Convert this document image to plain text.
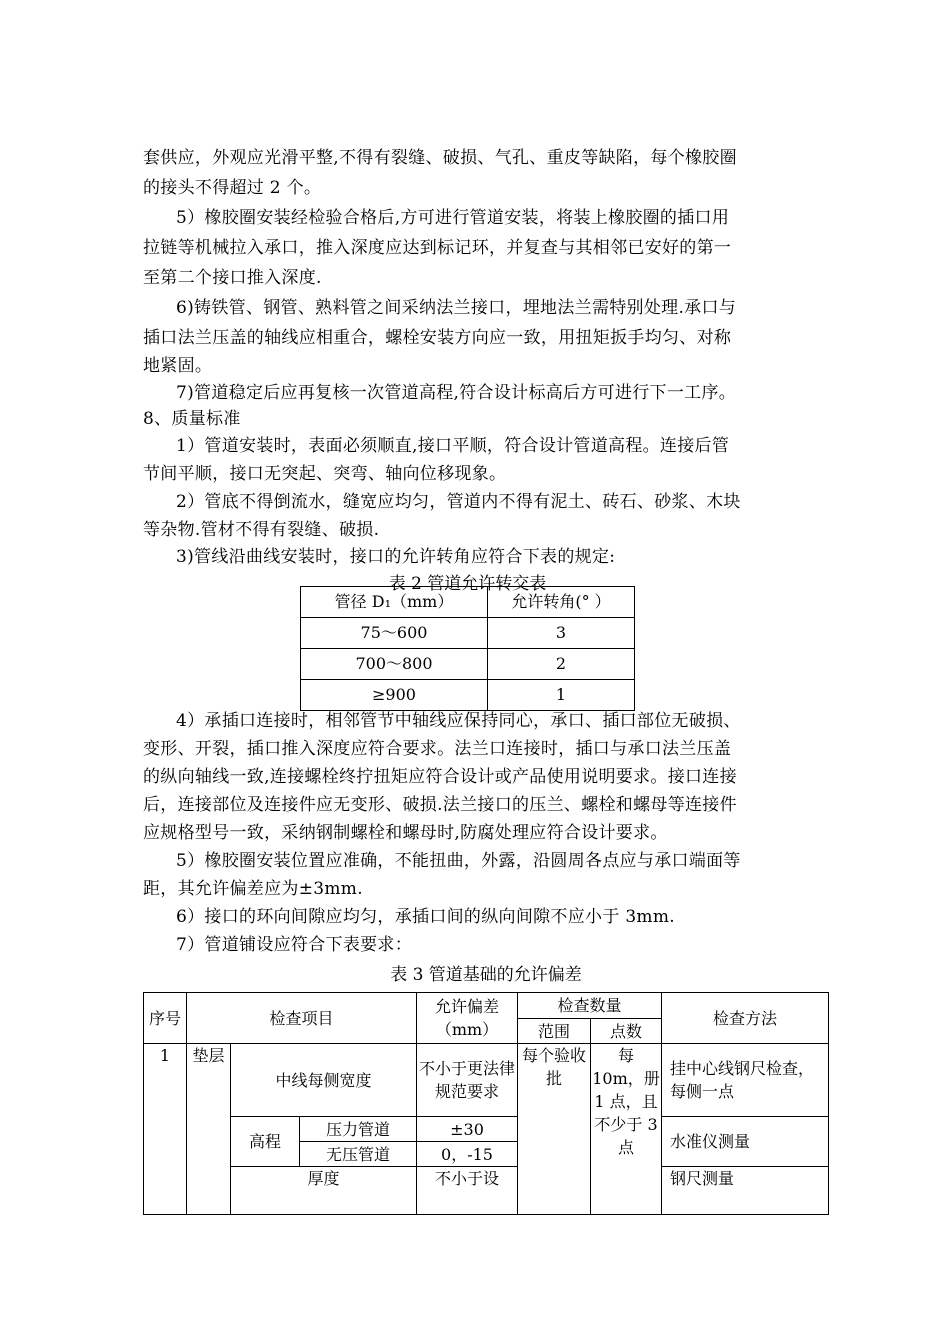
套供应，外观应光滑平整,不得有裂缝、破损、气孔、重皮等缺陷，每个橡胶圈
的接头不得超过 2 个。
5）橡胶圈安装经检验合格后,方可进行管道安装，将装上橡胶圈的插口用
拉链等机械拉入承口，推入深度应达到标记环，并复查与其相邻已安好的第一
至第二个接口推入深度.
6)铸铁管、钢管、熟料管之间采纳法兰接口，埋地法兰需特别处理.承口与
插口法兰压盖的轴线应相重合，螺栓安装方向应一致，用扭矩扳手均匀、对称
地紧固。
7)管道稳定后应再复核一次管道高程,符合设计标高后方可进行下一工序。
8、质量标准
1）管道安装时，表面必须顺直,接口平顺，符合设计管道高程。连接后管
节间平顺，接口无突起、突弯、轴向位移现象。
2）管底不得倒流水，缝宽应均匀，管道内不得有泥土、砖石、砂浆、木块
等杂物.管材不得有裂缝、破损.
3)管线沿曲线安装时，接口的允许转角应符合下表的规定:
表 2 管道允许转交表
管径 D₁（mm）	允许转角(° ）
75～600	3
700～800	2
≥900	1
4）承插口连接时，相邻管节中轴线应保持同心，承口、插口部位无破损、
变形、开裂，插口推入深度应符合要求。法兰口连接时，插口与承口法兰压盖
的纵向轴线一致,连接螺栓终拧扭矩应符合设计或产品使用说明要求。接口连接
后，连接部位及连接件应无变形、破损.法兰接口的压兰、螺栓和螺母等连接件
应规格型号一致，采纳钢制螺栓和螺母时,防腐处理应符合设计要求。
5）橡胶圈安装位置应准确，不能扭曲，外露，沿圆周各点应与承口端面等
距，其允许偏差应为±3mm.
6）接口的环向间隙应均匀，承插口间的纵向间隙不应小于 3mm.
7）管道铺设应符合下表要求：
表 3 管道基础的允许偏差
序号	检查项目			允许偏差（mm）	检查数量		检查方法
					范围	点数	
1	垫层	中线每侧宽度		不小于更法律规范要求	每个验收批	每 10m，册 1 点，且不少于 3 点	挂中心线钢尺检查，每侧一点
		高程	压力管道	±30			水准仪测量
			无压管道	0，-15			
		厚度		不小于设			钢尺测量
